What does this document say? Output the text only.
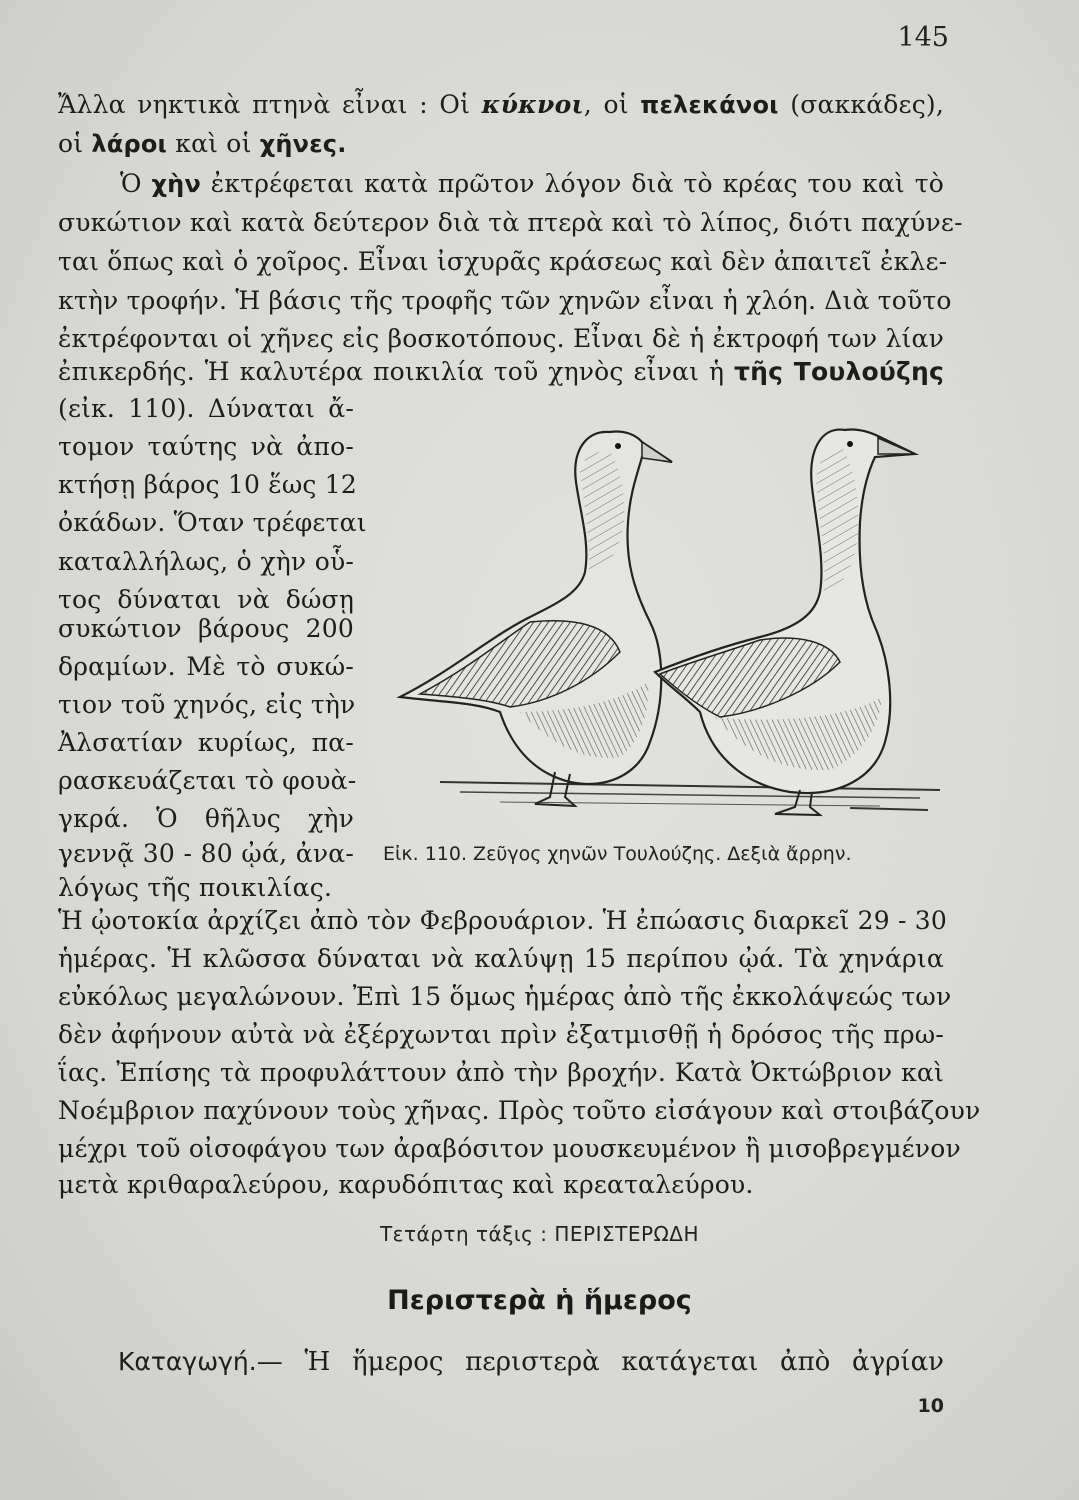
145
Ἄλλα νηκτικὰ πτηνὰ εἶναι : Οἱ κύκνοι, οἱ πελεκάνοι (σακκάδες),
οἱ λάροι καὶ οἱ χῆνες.
Ὁ χὴν ἐκτρέφεται κατὰ πρῶτον λόγον διὰ τὸ κρέας του καὶ τὸ
συκώτιον καὶ κατὰ δεύτερον διὰ τὰ πτερὰ καὶ τὸ λίπος, διότι παχύνε-
ται ὅπως καὶ ὁ χοῖρος. Εἶναι ἰσχυρᾶς κράσεως καὶ δὲν ἀπαιτεῖ ἐκλε-
κτὴν τροφήν. Ἡ βάσις τῆς τροφῆς τῶν χηνῶν εἶναι ἡ χλόη. Διὰ τοῦτο
ἐκτρέφονται οἱ χῆνες εἰς βοσκοτόπους. Εἶναι δὲ ἡ ἐκτροφή των λίαν
ἐπικερδής. Ἡ καλυτέρα ποικιλία τοῦ χηνὸς εἶναι ἡ τῆς Τουλούζης
(εἰκ. 110). Δύναται ἄ-
τομον ταύτης νὰ ἀπο-
κτήσῃ βάρος 10 ἕως 12
ὀκάδων. Ὅταν τρέφεται
καταλλήλως, ὁ χὴν οὗ-
τος δύναται νὰ δώσῃ
συκώτιον βάρους 200
δραμίων. Μὲ τὸ συκώ-
τιον τοῦ χηνός, εἰς τὴν
Ἀλσατίαν κυρίως, πα-
ρασκευάζεται τὸ φουὰ-
γκρά. Ὁ θῆλυς χὴν
γεννᾷ 30 - 80 ᾠά, ἀνα-
λόγως τῆς ποικιλίας.
Εἰκ. 110. Ζεῦγος χηνῶν Τουλούζης. Δεξιὰ ἄρρην.
Ἡ ᾠοτοκία ἀρχίζει ἀπὸ τὸν Φεβρουάριον. Ἡ ἐπώασις διαρκεῖ 29 - 30
ἡμέρας. Ἡ κλῶσσα δύναται νὰ καλύψῃ 15 περίπου ᾠά. Τὰ χηνάρια
εὐκόλως μεγαλώνουν. Ἐπὶ 15 ὅμως ἡμέρας ἀπὸ τῆς ἐκκολάψεώς των
δὲν ἀφήνουν αὐτὰ νὰ ἐξέρχωνται πρὶν ἐξατμισθῇ ἡ δρόσος τῆς πρω-
ΐας. Ἐπίσης τὰ προφυλάττουν ἀπὸ τὴν βροχήν. Κατὰ Ὀκτώβριον καὶ
Νοέμβριον παχύνουν τοὺς χῆνας. Πρὸς τοῦτο εἰσάγουν καὶ στοιβάζουν
μέχρι τοῦ οἰσοφάγου των ἀραβόσιτον μουσκευμένον ἢ μισοβρεγμένον
μετὰ κριθαραλεύρου, καρυδόπιτας καὶ κρεαταλεύρου.
Τετάρτη τάξις : ΠΕΡΙΣΤΕΡΩΔΗ
Περιστερὰ ἡ ἥμερος
Καταγωγή.— Ἡ ἥμερος περιστερὰ κατάγεται ἀπὸ ἀγρίαν
10
